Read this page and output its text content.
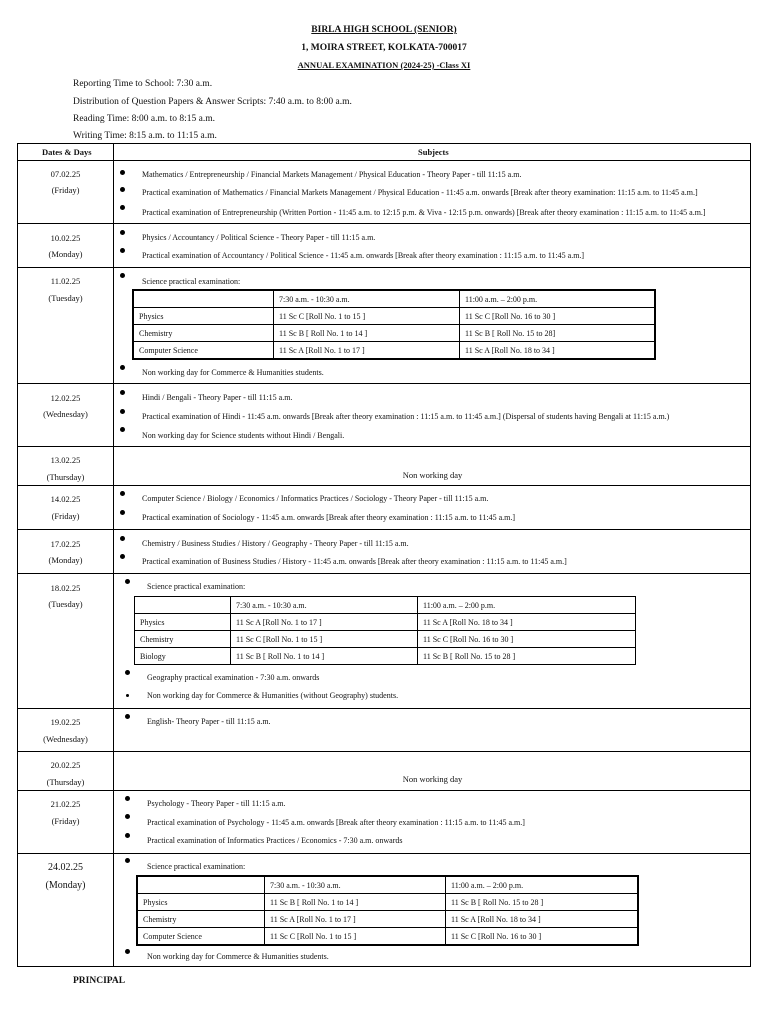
BIRLA HIGH SCHOOL (SENIOR)
1, MOIRA STREET, KOLKATA-700017
ANNUAL EXAMINATION (2024-25) -Class XI
Reporting Time to School: 7:30 a.m.
Distribution of Question Papers & Answer Scripts: 7:40 a.m. to 8:00 a.m.
Reading Time: 8:00 a.m. to 8:15 a.m.
Writing Time: 8:15 a.m. to 11:15 a.m.
Dates & Days	Subjects
07.02.25
(Friday)
Mathematics / Entrepreneurship / Financial Markets Management / Physical Education - Theory Paper - till 11:15 a.m.
Practical examination of Mathematics / Financial Markets Management / Physical Education - 11:45 a.m. onwards [Break after theory examination: 11:15 a.m. to 11:45 a.m.]
Practical examination of Entrepreneurship (Written Portion - 11:45 a.m. to 12:15 p.m. & Viva - 12:15 p.m. onwards) [Break after theory examination : 11:15 a.m. to 11:45 a.m.]
10.02.25
(Monday)
Physics / Accountancy / Political Science - Theory Paper - till 11:15 a.m.
Practical examination of Accountancy / Political Science - 11:45 a.m. onwards [Break after theory examination : 11:15 a.m. to 11:45 a.m.]
11.02.25
(Tuesday)
Science practical examination:
	7:30 a.m. - 10:30 a.m.	11:00 a.m. – 2:00 p.m.
Physics	11 Sc C [Roll No. 1 to 15 ]	11 Sc C [Roll No. 16 to 30 ]
Chemistry	11 Sc B [ Roll No. 1 to 14 ]	11 Sc B [ Roll No. 15 to 28]
Computer Science	11 Sc A [Roll No. 1 to 17 ]	11 Sc A [Roll No. 18 to 34 ]
Non working day for Commerce & Humanities students.
12.02.25
(Wednesday)
Hindi / Bengali - Theory Paper - till 11:15 a.m.
Practical examination of Hindi - 11:45 a.m. onwards [Break after theory examination : 11:15 a.m. to 11:45 a.m.] (Dispersal of students having Bengali at 11:15 a.m.)
Non working day for Science students without Hindi / Bengali.
13.02.25
(Thursday)	Non working day
14.02.25
(Friday)
Computer Science / Biology / Economics / Informatics Practices / Sociology - Theory Paper - till 11:15 a.m.
Practical examination of Sociology - 11:45 a.m. onwards [Break after theory examination : 11:15 a.m. to 11:45 a.m.]
17.02.25
(Monday)
Chemistry / Business Studies / History / Geography - Theory Paper - till 11:15 a.m.
Practical examination of Business Studies / History - 11:45 a.m. onwards [Break after theory examination : 11:15 a.m. to 11:45 a.m.]
18.02.25
(Tuesday)
Science practical examination:
	7:30 a.m. - 10:30 a.m.	11:00 a.m. – 2:00 p.m.
Physics	11 Sc A [Roll No. 1 to 17 ]	11 Sc A [Roll No. 18 to 34 ]
Chemistry	11 Sc C [Roll No. 1 to 15 ]	11 Sc C [Roll No. 16 to 30 ]
Biology	11 Sc B [ Roll No. 1 to 14 ]	11 Sc B [ Roll No. 15 to 28 ]
Geography practical examination - 7:30 a.m. onwards
Non working day for Commerce & Humanities (without Geography) students.
19.02.25
(Wednesday)
English- Theory Paper - till 11:15 a.m.
20.02.25
(Thursday)	Non working day
21.02.25
(Friday)
Psychology - Theory Paper - till 11:15 a.m.
Practical examination of Psychology - 11:45 a.m. onwards [Break after theory examination : 11:15 a.m. to 11:45 a.m.]
Practical examination of Informatics Practices / Economics - 7:30 a.m. onwards
24.02.25
(Monday)
Science practical examination:
	7:30 a.m. - 10:30 a.m.	11:00 a.m. – 2:00 p.m.
Physics	11 Sc B [ Roll No. 1 to 14 ]	11 Sc B [ Roll No. 15 to 28 ]
Chemistry	11 Sc A [Roll No. 1 to 17 ]	11 Sc A [Roll No. 18 to 34 ]
Computer Science	11 Sc C [Roll No. 1 to 15 ]	11 Sc C [Roll No. 16 to 30 ]
Non working day for Commerce & Humanities students.
PRINCIPAL
